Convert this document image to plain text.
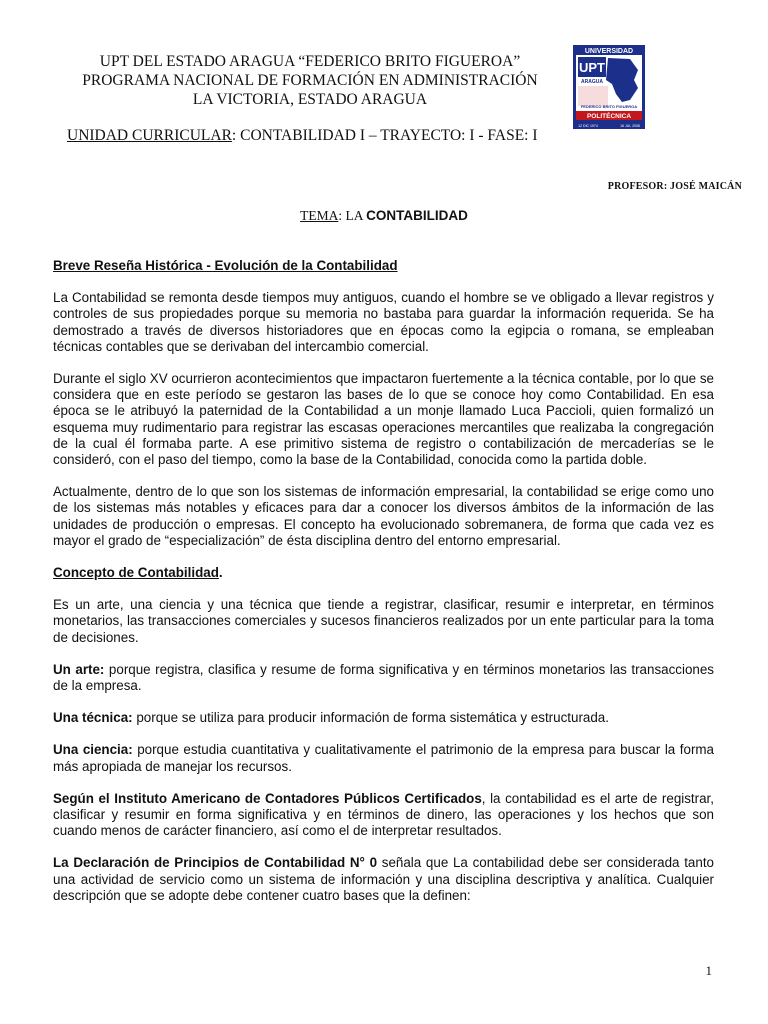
UPT DEL ESTADO ARAGUA “FEDERICO BRITO FIGUEROA”
PROGRAMA NACIONAL DE FORMACIÓN EN ADMINISTRACIÓN
LA VICTORIA, ESTADO ARAGUA
UNIDAD CURRICULAR: CONTABILIDAD I – TRAYECTO: I - FASE: I
UNIVERSIDAD
UPT
ARAGUA
FEDERICO BRITO FIGUEROA
POLITÉCNICA
12 DIC 1974	16 JUL 2008
PROFESOR: JOSÉ MAICÁN
TEMA: LA CONTABILIDAD
Breve Reseña Histórica - Evolución de la Contabilidad

La Contabilidad se remonta desde tiempos muy antiguos, cuando el hombre se ve obligado a llevar registros y controles de sus propiedades porque su memoria no bastaba para guardar la información requerida. Se ha demostrado a través de diversos historiadores que en épocas como la egipcia o romana, se empleaban técnicas contables que se derivaban del intercambio comercial.

Durante el siglo XV ocurrieron acontecimientos que impactaron fuertemente a la técnica contable, por lo que se considera que en este período se gestaron las bases de lo que se conoce hoy como Contabilidad. En esa época se le atribuyó la paternidad de la Contabilidad a un monje llamado Luca Paccioli, quien formalizó un esquema muy rudimentario para registrar las escasas operaciones mercantiles que realizaba la congregación de la cual él formaba parte. A ese primitivo sistema de registro o contabilización de mercaderías se le consideró, con el paso del tiempo, como la base de la Contabilidad, conocida como la partida doble.

Actualmente, dentro de lo que son los sistemas de información empresarial, la contabilidad se erige como uno de los sistemas más notables y eficaces para dar a conocer los diversos ámbitos de la información de las unidades de producción o empresas. El concepto ha evolucionado sobremanera, de forma que cada vez es mayor el grado de “especialización” de ésta disciplina dentro del entorno empresarial.

Concepto de Contabilidad.

Es un arte, una ciencia y una técnica que tiende a registrar, clasificar, resumir e interpretar, en términos monetarios, las transacciones comerciales y sucesos financieros realizados por un ente particular para la toma de decisiones.

Un arte: porque registra, clasifica y resume de forma significativa y en términos monetarios las transacciones de la empresa.

Una técnica: porque se utiliza para producir información de forma sistemática y estructurada.

Una ciencia: porque estudia cuantitativa y cualitativamente el patrimonio de la empresa para buscar la forma más apropiada de manejar los recursos.

Según el Instituto Americano de Contadores Públicos Certificados, la contabilidad es el arte de registrar, clasificar y resumir en forma significativa y en términos de dinero, las operaciones y los hechos que son cuando menos de carácter financiero, así como el de interpretar resultados.

La Declaración de Principios de Contabilidad N° 0 señala que La contabilidad debe ser considerada tanto una actividad de servicio como un sistema de información y una disciplina descriptiva y analítica. Cualquier descripción que se adopte debe contener cuatro bases que la definen:

1
